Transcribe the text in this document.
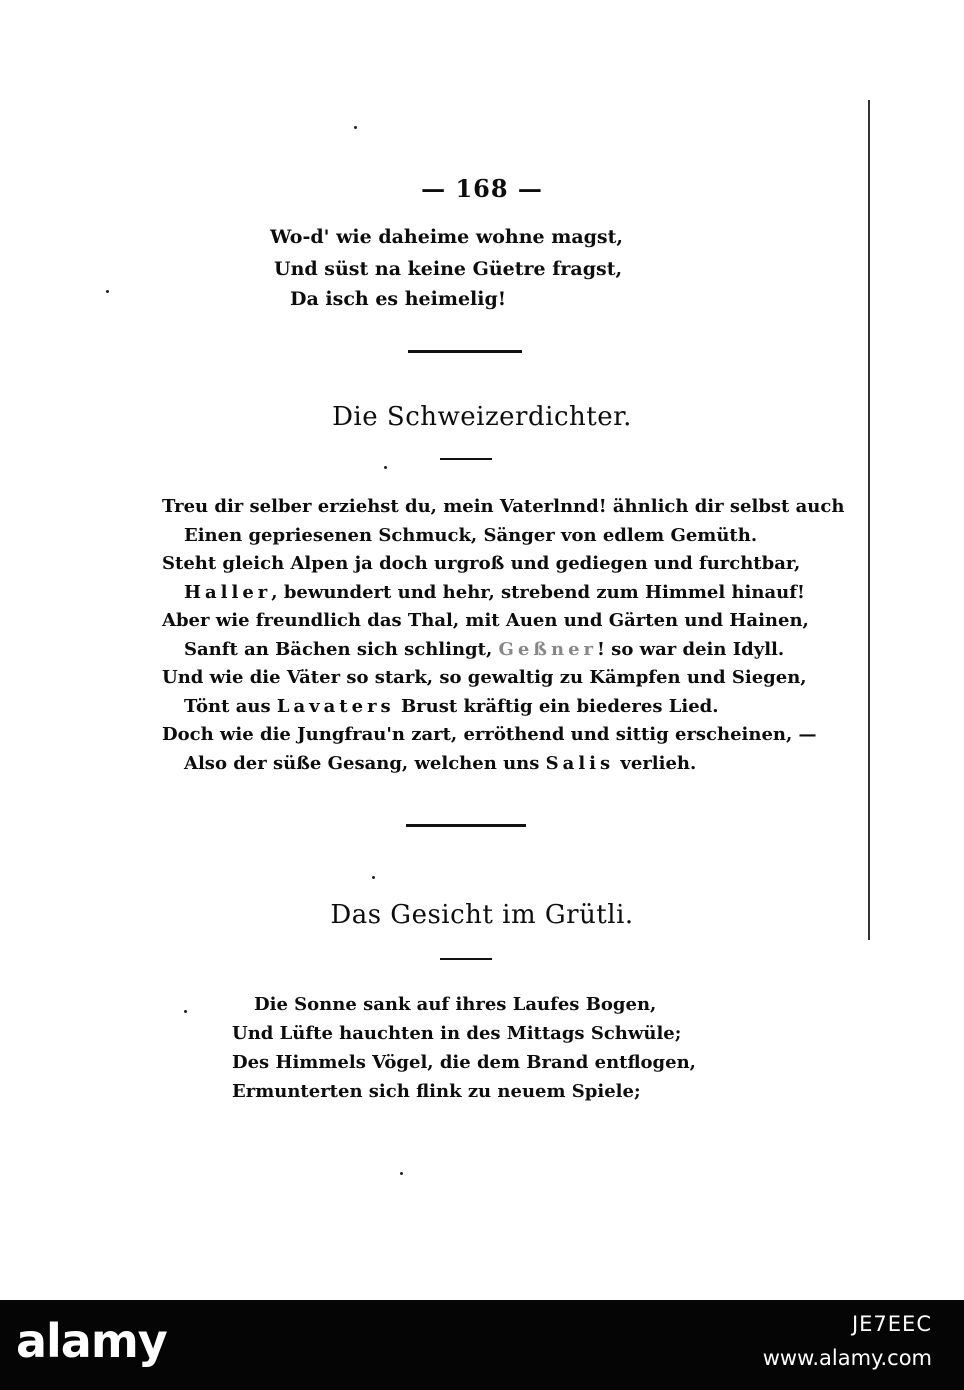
— 168 —
Wo-d' wie daheime wohne magst,
Und süst na keine Güetre fragst,
Da isch es heimelig!
Die Schweizerdichter.
Treu dir selber erziehst du, mein Vaterlnnd! ähnlich dir selbst auch
Einen gepriesenen Schmuck, Sänger von edlem Gemüth.
Steht gleich Alpen ja doch urgroß und gediegen und furchtbar,
Haller, bewundert und hehr, strebend zum Himmel hinauf!
Aber wie freundlich das Thal, mit Auen und Gärten und Hainen,
Sanft an Bächen sich schlingt, Geßner! so war dein Idyll.
Und wie die Väter so stark, so gewaltig zu Kämpfen und Siegen,
Tönt aus Lavaters Brust kräftig ein biederes Lied.
Doch wie die Jungfrau'n zart, erröthend und sittig erscheinen, —
Also der süße Gesang, welchen uns Salis verlieh.
Das Gesicht im Grütli.
Die Sonne sank auf ihres Laufes Bogen,
Und Lüfte hauchten in des Mittags Schwüle;
Des Himmels Vögel, die dem Brand entflogen,
Ermunterten sich flink zu neuem Spiele;
alamy	JE7EEC
www.alamy.com
